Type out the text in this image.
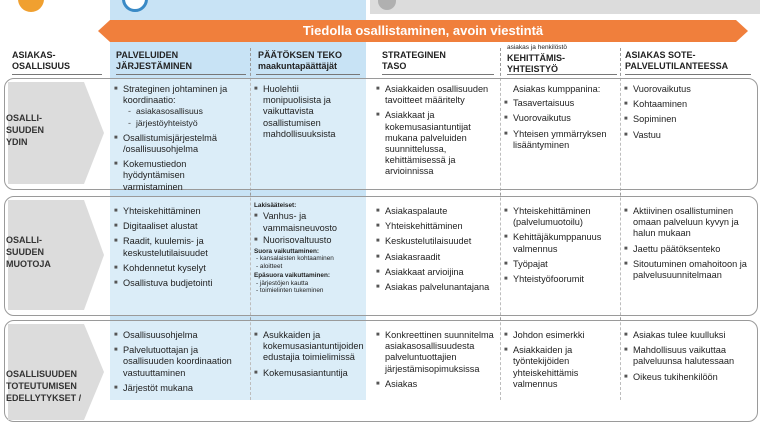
Tiedolla osallistaminen, avoin viestintä
ASIAKAS-
OSALLISUUS
PALVELUIDEN
JÄRJESTÄMINEN
PÄÄTÖKSEN TEKO
maakuntapäättäjät
STRATEGINEN
TASO
asiakas ja henkilöstö
KEHITTÄMIS-
YHTEISTYÖ
ASIAKAS SOTE-
PALVELUTILANTEESSA
OSALLI-
SUUDEN
YDIN
■ Strateginen johtaminen ja koordinaatio:
- asiakasosallisuus
- järjestöyhteistyö
■ Osallistumisjärjestelmä /osallisuusohjelma
■ Kokemustiedon hyödyntämisen varmistaminen
■ Huolehtii monipuolisista ja vaikuttavista osallistumisen mahdollisuuksista
■ Asiakkaiden osallisuuden tavoitteet määritelty
■ Asiakkaat ja kokemusasiantuntijat mukana palveluiden suunnittelussa, kehittämisessä ja arvioinnissa
Asiakas kumppanina:
■ Tasavertaisuus
■ Vuorovaikutus
■ Yhteisen ymmärryksen lisääntyminen
■ Vuorovaikutus
■ Kohtaaminen
■ Sopiminen
■ Vastuu
OSALLI-
SUUDEN
MUOTOJA
■ Yhteiskehittäminen
■ Digitaaliset alustat
■ Raadit, kuulemis- ja keskustelutilaisuudet
■ Kohdennetut kyselyt
■ Osallistuva budjetointi
Lakisääteiset:
■ Vanhus- ja vammaisneuvosto
■ Nuorisovaltuusto
Suora vaikuttaminen:
- kansalaisten kohtaaminen
- aloitteet
Epäsuora vaikuttaminen:
- järjestöjen kautta
- toimielinten tukeminen
■ Asiakaspalaute
■ Yhteiskehittäminen
■ Keskustelutilaisuudet
■ Asiakasraadit
■ Asiakkaat arvioijina
■ Asiakas palvelunantajana
■ Yhteiskehittäminen (palvelumuotoilu)
■ Kehittäjäkumppanuus valmennus
■ Työpajat
■ Yhteistyöfoorumit
■ Aktiivinen osallistuminen omaan palveluun kyvyn ja halun mukaan
■ Jaettu päätöksenteko
■ Sitoutuminen omahoitoon ja palvelusuunnitelmaan
OSALLISUUDEN
TOTEUTUMISEN
EDELLYTYKSET /
■ Osallisuusohjelma
■ Palvelutuottajan ja osallisuuden koordinaation vastuuttaminen
■ Järjestöt mukana
■ Asukkaiden ja kokemusasiantuntijoiden edustajia toimielimissä
■ Kokemusasiantuntija
■ Konkreettinen suunnitelma asiakasosallisuudesta palveluntuottajien järjestämisopimuksissa
■ Asiakas
■ Johdon esimerkki
■ Asiakkaiden ja työntekijöiden yhteiskehittämis valmennus
■ Asiakas tulee kuulluksi
■ Mahdollisuus vaikuttaa palveluunsa halutessaan
■ Oikeus tukihenkilöön
